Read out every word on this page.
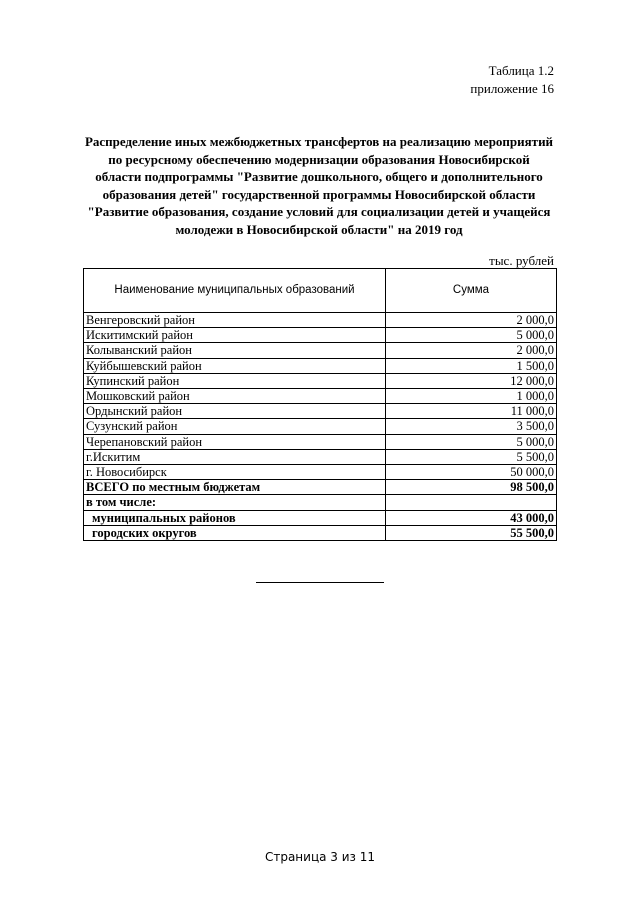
Таблица 1.2
приложение 16
Распределение иных межбюджетных трансфертов на реализацию мероприятий
по ресурсному обеспечению модернизации образования Новосибирской
области подпрограммы "Развитие дошкольного, общего и дополнительного
образования детей" государственной программы Новосибирской области
"Развитие образования, создание условий для социализации детей и учащейся
молодежи в Новосибирской области" на 2019 год
тыс. рублей
Наименование муниципальных образований	Сумма
Венгеровский район	2 000,0
Искитимский район	5 000,0
Колыванский район	2 000,0
Куйбышевский район	1 500,0
Купинский район	12 000,0
Мошковский район	1 000,0
Ордынский район	11 000,0
Сузунский район	3 500,0
Черепановский район	5 000,0
г.Искитим	5 500,0
г. Новосибирск	50 000,0
ВСЕГО по местным бюджетам	98 500,0
в том числе:	
муниципальных районов	43 000,0
городских округов	55 500,0
Страница 3 из 11
